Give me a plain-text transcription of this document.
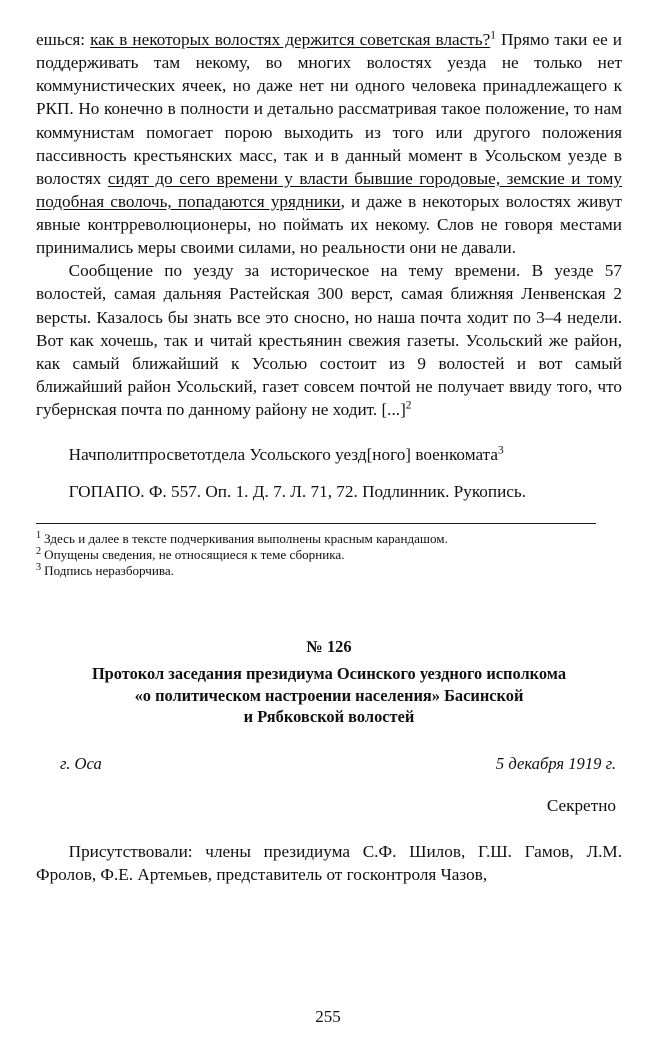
ешься: как в некоторых волостях держится советская власть?$^1$ Прямо таки ее и поддерживать там некому, во многих волостях уезда не только нет коммунистических ячеек, но даже нет ни одного человека принадлежащего к РКП. Но конечно в полности и детально рассматривая такое положение, то нам коммунистам помогает порою выходить из того или другого положения пассивность крестьянских масс, так и в данный момент в Усольском уезде в волостях сидят до сего времени у власти бывшие городовые, земские и тому подобная сволочь, попадаются урядники, и даже в некоторых волостях живут явные контрреволюционеры, но поймать их некому. Слов не говоря местами принимались меры своими силами, но реальности они не давали.

Сообщение по уезду за историческое на тему времени. В уезде 57 волостей, самая дальняя Растейская 300 верст, самая ближняя Ленвенская 2 версты. Казалось бы знать все это сносно, но наша почта ходит по 3–4 недели. Вот как хочешь, так и читай крестьянин свежия газеты. Усольский же район, как самый ближайший к Усолью состоит из 9 волостей и вот самый ближайший район Усольский, газет совсем почтой не получает ввиду того, что губернская почта по данному району не ходит. [...]$^2$

Начполитпросветотдела Усольского уезд[ного] военкомата$^3$

ГОПАПО. Ф. 557. Оп. 1. Д. 7. Л. 71, 72. Подлинник. Рукопись.

$^1$ Здесь и далее в тексте подчеркивания выполнены красным карандашом.

$^2$ Опущены сведения, не относящиеся к теме сборника.

$^3$ Подпись неразборчива.

№ 126
Протокол заседания президиума Осинского уездного исполкома
«о политическом настроении населения» Басинской
и Рябковской волостей
г. Оса	5 декабря 1919 г.
Секретно

Присутствовали: члены президиума С.Ф. Шилов, Г.Ш. Гамов, Л.М. Фролов, Ф.Е. Артемьев, представитель от госконтроля Чазов,

255
